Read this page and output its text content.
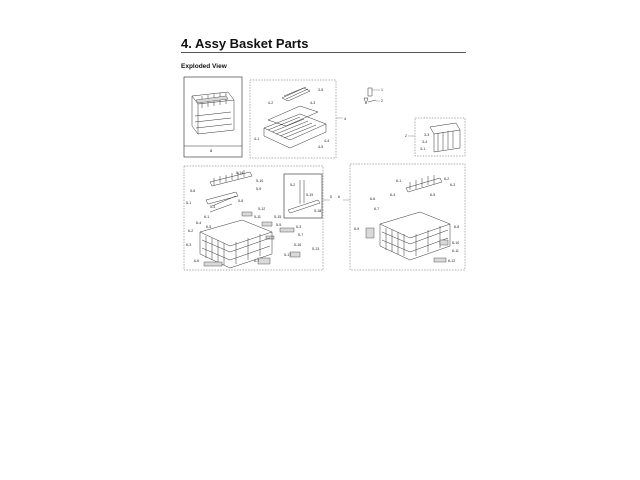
4. Assy Basket Parts
Exploded View
3-5
4-2	4-3
4-1	4-4
4-5
4
1
2
2	3-3
3-4
3-1
5-14
5-6
5-10
5-1
5-9
5-4
5-8
5-12
5-11	5-15
5-3
5-2
5-5
5-7
5-13
5-16
6-1
6-2
6-3
6-4
6-5
6-6	6-7
5-17
5-18
5-19	5 6
6-1	6-2
6-3
6-4	6-5
6-6
6-7
6-8
6-9
6-10
6-11
6-12
8
